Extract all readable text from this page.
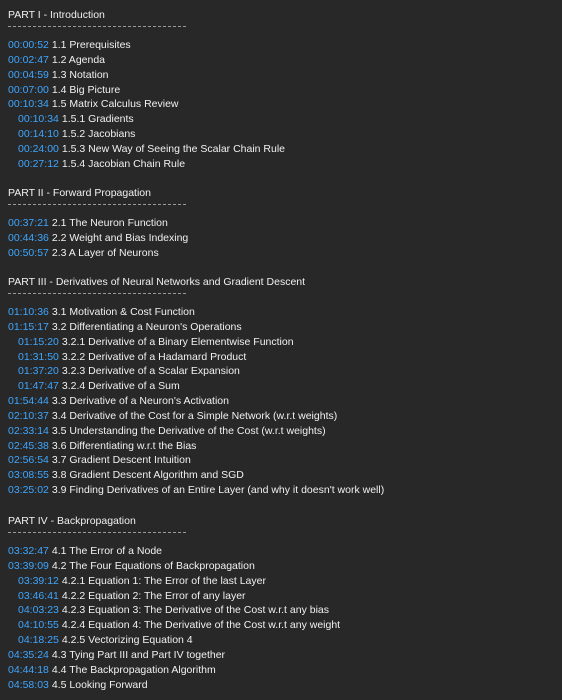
PART I - Introduction
00:00:52 1.1 Prerequisites
00:02:47 1.2 Agenda
00:04:59 1.3 Notation
00:07:00 1.4 Big Picture
00:10:34 1.5 Matrix Calculus Review
00:10:34 1.5.1 Gradients
00:14:10 1.5.2 Jacobians
00:24:00 1.5.3 New Way of Seeing the Scalar Chain Rule
00:27:12 1.5.4 Jacobian Chain Rule
PART II - Forward Propagation
00:37:21 2.1 The Neuron Function
00:44:36 2.2 Weight and Bias Indexing
00:50:57 2.3 A Layer of Neurons
PART III - Derivatives of Neural Networks and Gradient Descent
01:10:36 3.1 Motivation & Cost Function
01:15:17 3.2 Differentiating a Neuron's Operations
01:15:20 3.2.1 Derivative of a Binary Elementwise Function
01:31:50 3.2.2 Derivative of a Hadamard Product
01:37:20 3.2.3 Derivative of a Scalar Expansion
01:47:47 3.2.4 Derivative of a Sum
01:54:44 3.3 Derivative of a Neuron's Activation
02:10:37 3.4 Derivative of the Cost for a Simple Network (w.r.t weights)
02:33:14 3.5 Understanding the Derivative of the Cost (w.r.t weights)
02:45:38 3.6 Differentiating w.r.t the Bias
02:56:54 3.7 Gradient Descent Intuition
03:08:55 3.8 Gradient Descent Algorithm and SGD
03:25:02 3.9 Finding Derivatives of an Entire Layer (and why it doesn't work well)
PART IV - Backpropagation
03:32:47 4.1 The Error of a Node
03:39:09 4.2 The Four Equations of Backpropagation
03:39:12 4.2.1 Equation 1: The Error of the last Layer
03:46:41 4.2.2 Equation 2: The Error of any layer
04:03:23 4.2.3 Equation 3: The Derivative of the Cost w.r.t any bias
04:10:55 4.2.4 Equation 4: The Derivative of the Cost w.r.t any weight
04:18:25 4.2.5 Vectorizing Equation 4
04:35:24 4.3 Tying Part III and Part IV together
04:44:18 4.4 The Backpropagation Algorithm
04:58:03 4.5 Looking Forward
